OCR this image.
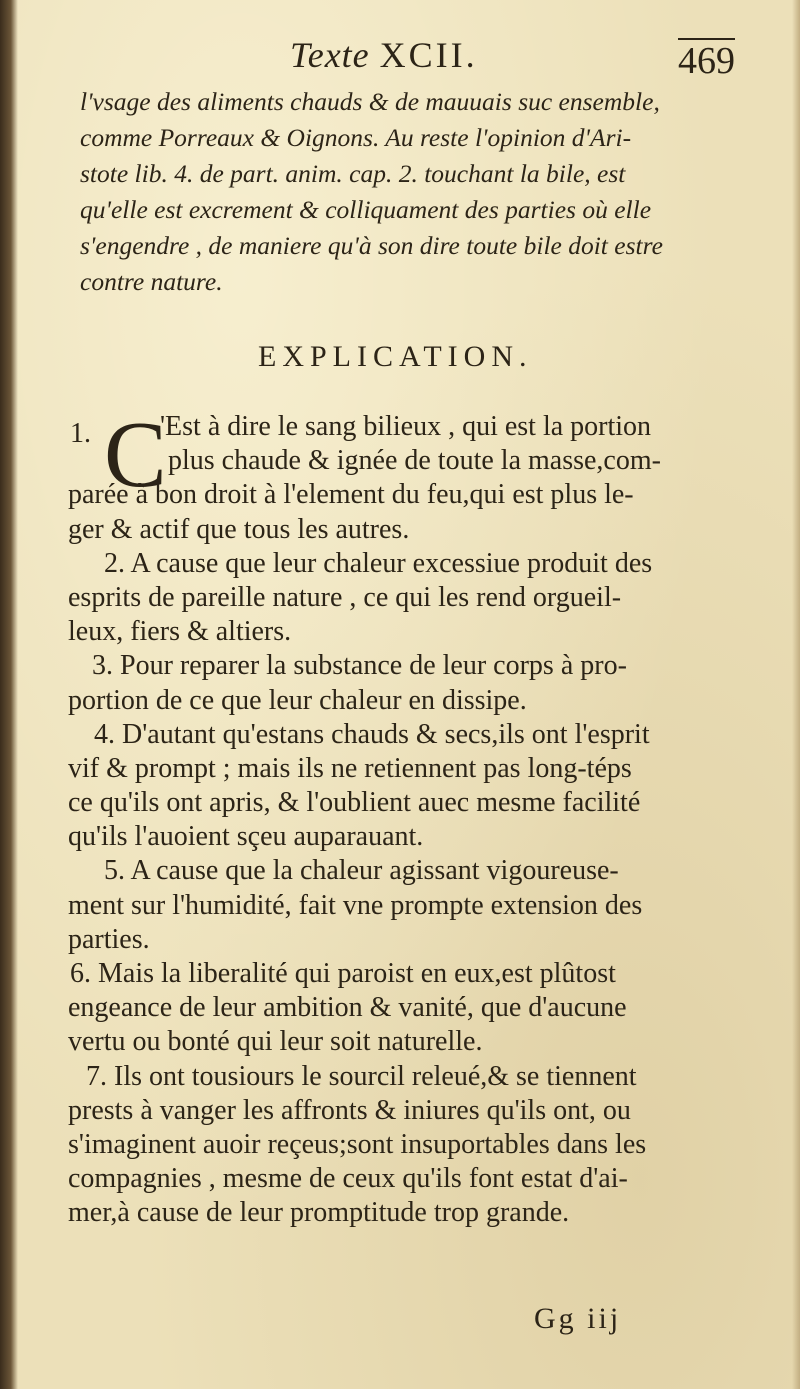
Texte XCII.	469
l'vsage des aliments chauds & de mauuais suc ensemble,
comme Porreaux & Oignons. Au reste l'opinion d'Ari-
stote lib. 4. de part. anim. cap. 2. touchant la bile, est
qu'elle est excrement & colliquament des parties où elle
s'engendre , de maniere qu'à son dire toute bile doit estre
contre nature.
EXPLICATION.
1. C
'Est à dire le sang bilieux , qui est la portion
plus chaude & ignée de toute la masse,com-
parée à bon droit à l'element du feu,qui est plus le-
ger & actif que tous les autres.
2. A cause que leur chaleur excessiue produit des
esprits de pareille nature , ce qui les rend orgueil-
leux, fiers & altiers.
3. Pour reparer la substance de leur corps à pro-
portion de ce que leur chaleur en dissipe.
4. D'autant qu'estans chauds & secs,ils ont l'esprit
vif & prompt ; mais ils ne retiennent pas long-téps
ce qu'ils ont apris, & l'oublient auec mesme facilité
qu'ils l'auoient sçeu auparauant.
5. A cause que la chaleur agissant vigoureuse-
ment sur l'humidité, fait vne prompte extension des
parties.
6. Mais la liberalité qui paroist en eux,est plûtost
engeance de leur ambition & vanité, que d'aucune
vertu ou bonté qui leur soit naturelle.
7. Ils ont tousiours le sourcil releué,& se tiennent
prests à vanger les affronts & iniures qu'ils ont, ou
s'imaginent auoir reçeus;sont insuportables dans les
compagnies , mesme de ceux qu'ils font estat d'ai-
mer,à cause de leur promptitude trop grande.
Gg iij
